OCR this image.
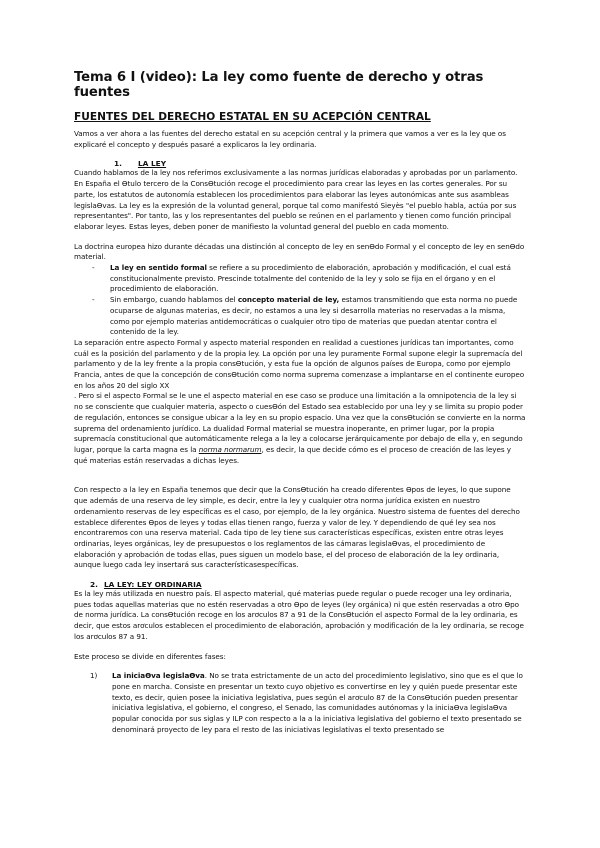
Tema 6 I (video): La ley como fuente de derecho y otras fuentes
FUENTES DEL DERECHO ESTATAL EN SU ACEPCIÓN CENTRAL

Vamos a ver ahora a las fuentes del derecho estatal en su acepción central y la primera que vamos a ver es la ley que os explicaré el concepto y después pasaré a explicaros la ley ordinaria.

1. LA LEY

Cuando hablamos de la ley nos referimos exclusivamente a las normas jurídicas elaboradas y aprobadas por un parlamento. En España el Ɵtulo tercero de la ConsƟtución recoge el procedimiento para crear las leyes en las cortes generales. Por su parte, los estatutos de autonomía establecen los procedimientos para elaborar las leyes autonómicas ante sus asambleas legislaƟvas. La ley es la expresión de la voluntad general, porque tal como manifestó Sieyès "el pueblo habla, actúa por sus representantes". Por tanto, las y los representantes del pueblo se reúnen en el parlamento y tienen como función principal elaborar leyes. Estas leyes, deben poner de manifiesto la voluntad general del pueblo en cada momento.

La doctrina europea hizo durante décadas una distinción al concepto de ley en senƟdo Formal y el concepto de ley en senƟdo material.

- La ley en sentido formal se refiere a su procedimiento de elaboración, aprobación y modificación, el cual está constitucionalmente previsto. Prescinde totalmente del contenido de la ley y solo se fija en el órgano y en el procedimiento de elaboración.
- Sin embargo, cuando hablamos del concepto material de ley, estamos transmitiendo que esta norma no puede ocuparse de algunas materias, es decir, no estamos a una ley si desarrolla materias no reservadas a la misma, como por ejemplo materias antidemocráticas o cualquier otro tipo de materias que puedan atentar contra el contenido de la ley.

La separación entre aspecto Formal y aspecto material responden en realidad a cuestiones jurídicas tan importantes, como cuál es la posición del parlamento y de la propia ley. La opción por una ley puramente Formal supone elegir la supremacía del parlamento y de la ley frente a la propia consƟtución, y esta fue la opción de algunos países de Europa, como por ejemplo Francia, antes de que la concepción de consƟtución como norma suprema comenzase a implantarse en el continente europeo en los años 20 del siglo XX

. Pero si el aspecto Formal se le une el aspecto material en ese caso se produce una limitación a la omnipotencia de la ley si no se consciente que cualquier materia, aspecto o cuesƟón del Estado sea establecido por una ley y se limita su propio poder de regulación, entonces se consigue ubicar a la ley en su propio espacio. Una vez que la consƟtución se convierte en la norma suprema del ordenamiento jurídico. La dualidad Formal material se muestra inoperante, en primer lugar, por la propia supremacía constitucional que automáticamente relega a la ley a colocarse jerárquicamente por debajo de ella y, en segundo lugar, porque la carta magna es la norma normarum, es decir, la que decide cómo es el proceso de creación de las leyes y qué materias están reservadas a dichas leyes.

Con respecto a la ley en España tenemos que decir que la ConsƟtución ha creado diferentes Ɵpos de leyes, lo que supone que además de una reserva de ley simple, es decir, entre la ley y cualquier otra norma jurídica existen en nuestro ordenamiento reservas de ley específicas es el caso, por ejemplo, de la ley orgánica. Nuestro sistema de fuentes del derecho establece diferentes Ɵpos de leyes y todas ellas tienen rango, fuerza y valor de ley. Y dependiendo de qué ley sea nos encontraremos con una reserva material. Cada tipo de ley tiene sus características específicas, existen entre otras leyes ordinarias, leyes orgánicas, ley de presupuestos o los reglamentos de las cámaras legislaƟvas, el procedimiento de elaboración y aprobación de todas ellas, pues siguen un modelo base, el del proceso de elaboración de la ley ordinaria, aunque luego cada ley insertará sus característicasespecíficas.

2. LA LEY: LEY ORDINARIA

Es la ley más utilizada en nuestro país. El aspecto material, qué materias puede regular o puede recoger una ley ordinaria, pues todas aquellas materias que no estén reservadas a otro Ɵpo de leyes (ley orgánica) ni que estén reservadas a otro Ɵpo de norma jurídica. La consƟtución recoge en los arơculos 87 a 91 de la ConsƟtución el aspecto Formal de la ley ordinaria, es decir, que estos arơculos establecen el procedimiento de elaboración, aprobación y modificación de la ley ordinaria, se recoge los arơculos 87 a 91.

Este proceso se divide en diferentes fases:

1) La iniciaƟva legislaƟva. No se trata estrictamente de un acto del procedimiento legislativo, sino que es el que lo pone en marcha. Consiste en presentar un texto cuyo objetivo es convertirse en ley y quién puede presentar este texto, es decir, quien posee la iniciativa legislativa, pues según el arơculo 87 de la ConsƟtución pueden presentar iniciativa legislativa, el gobierno, el congreso, el Senado, las comunidades autónomas y la iniciaƟva legislaƟva popular conocida por sus siglas y ILP con respecto a la a la iniciativa legislativa del gobierno el texto presentado se denominará proyecto de ley para el resto de las iniciativas legislativas el texto presentado se
